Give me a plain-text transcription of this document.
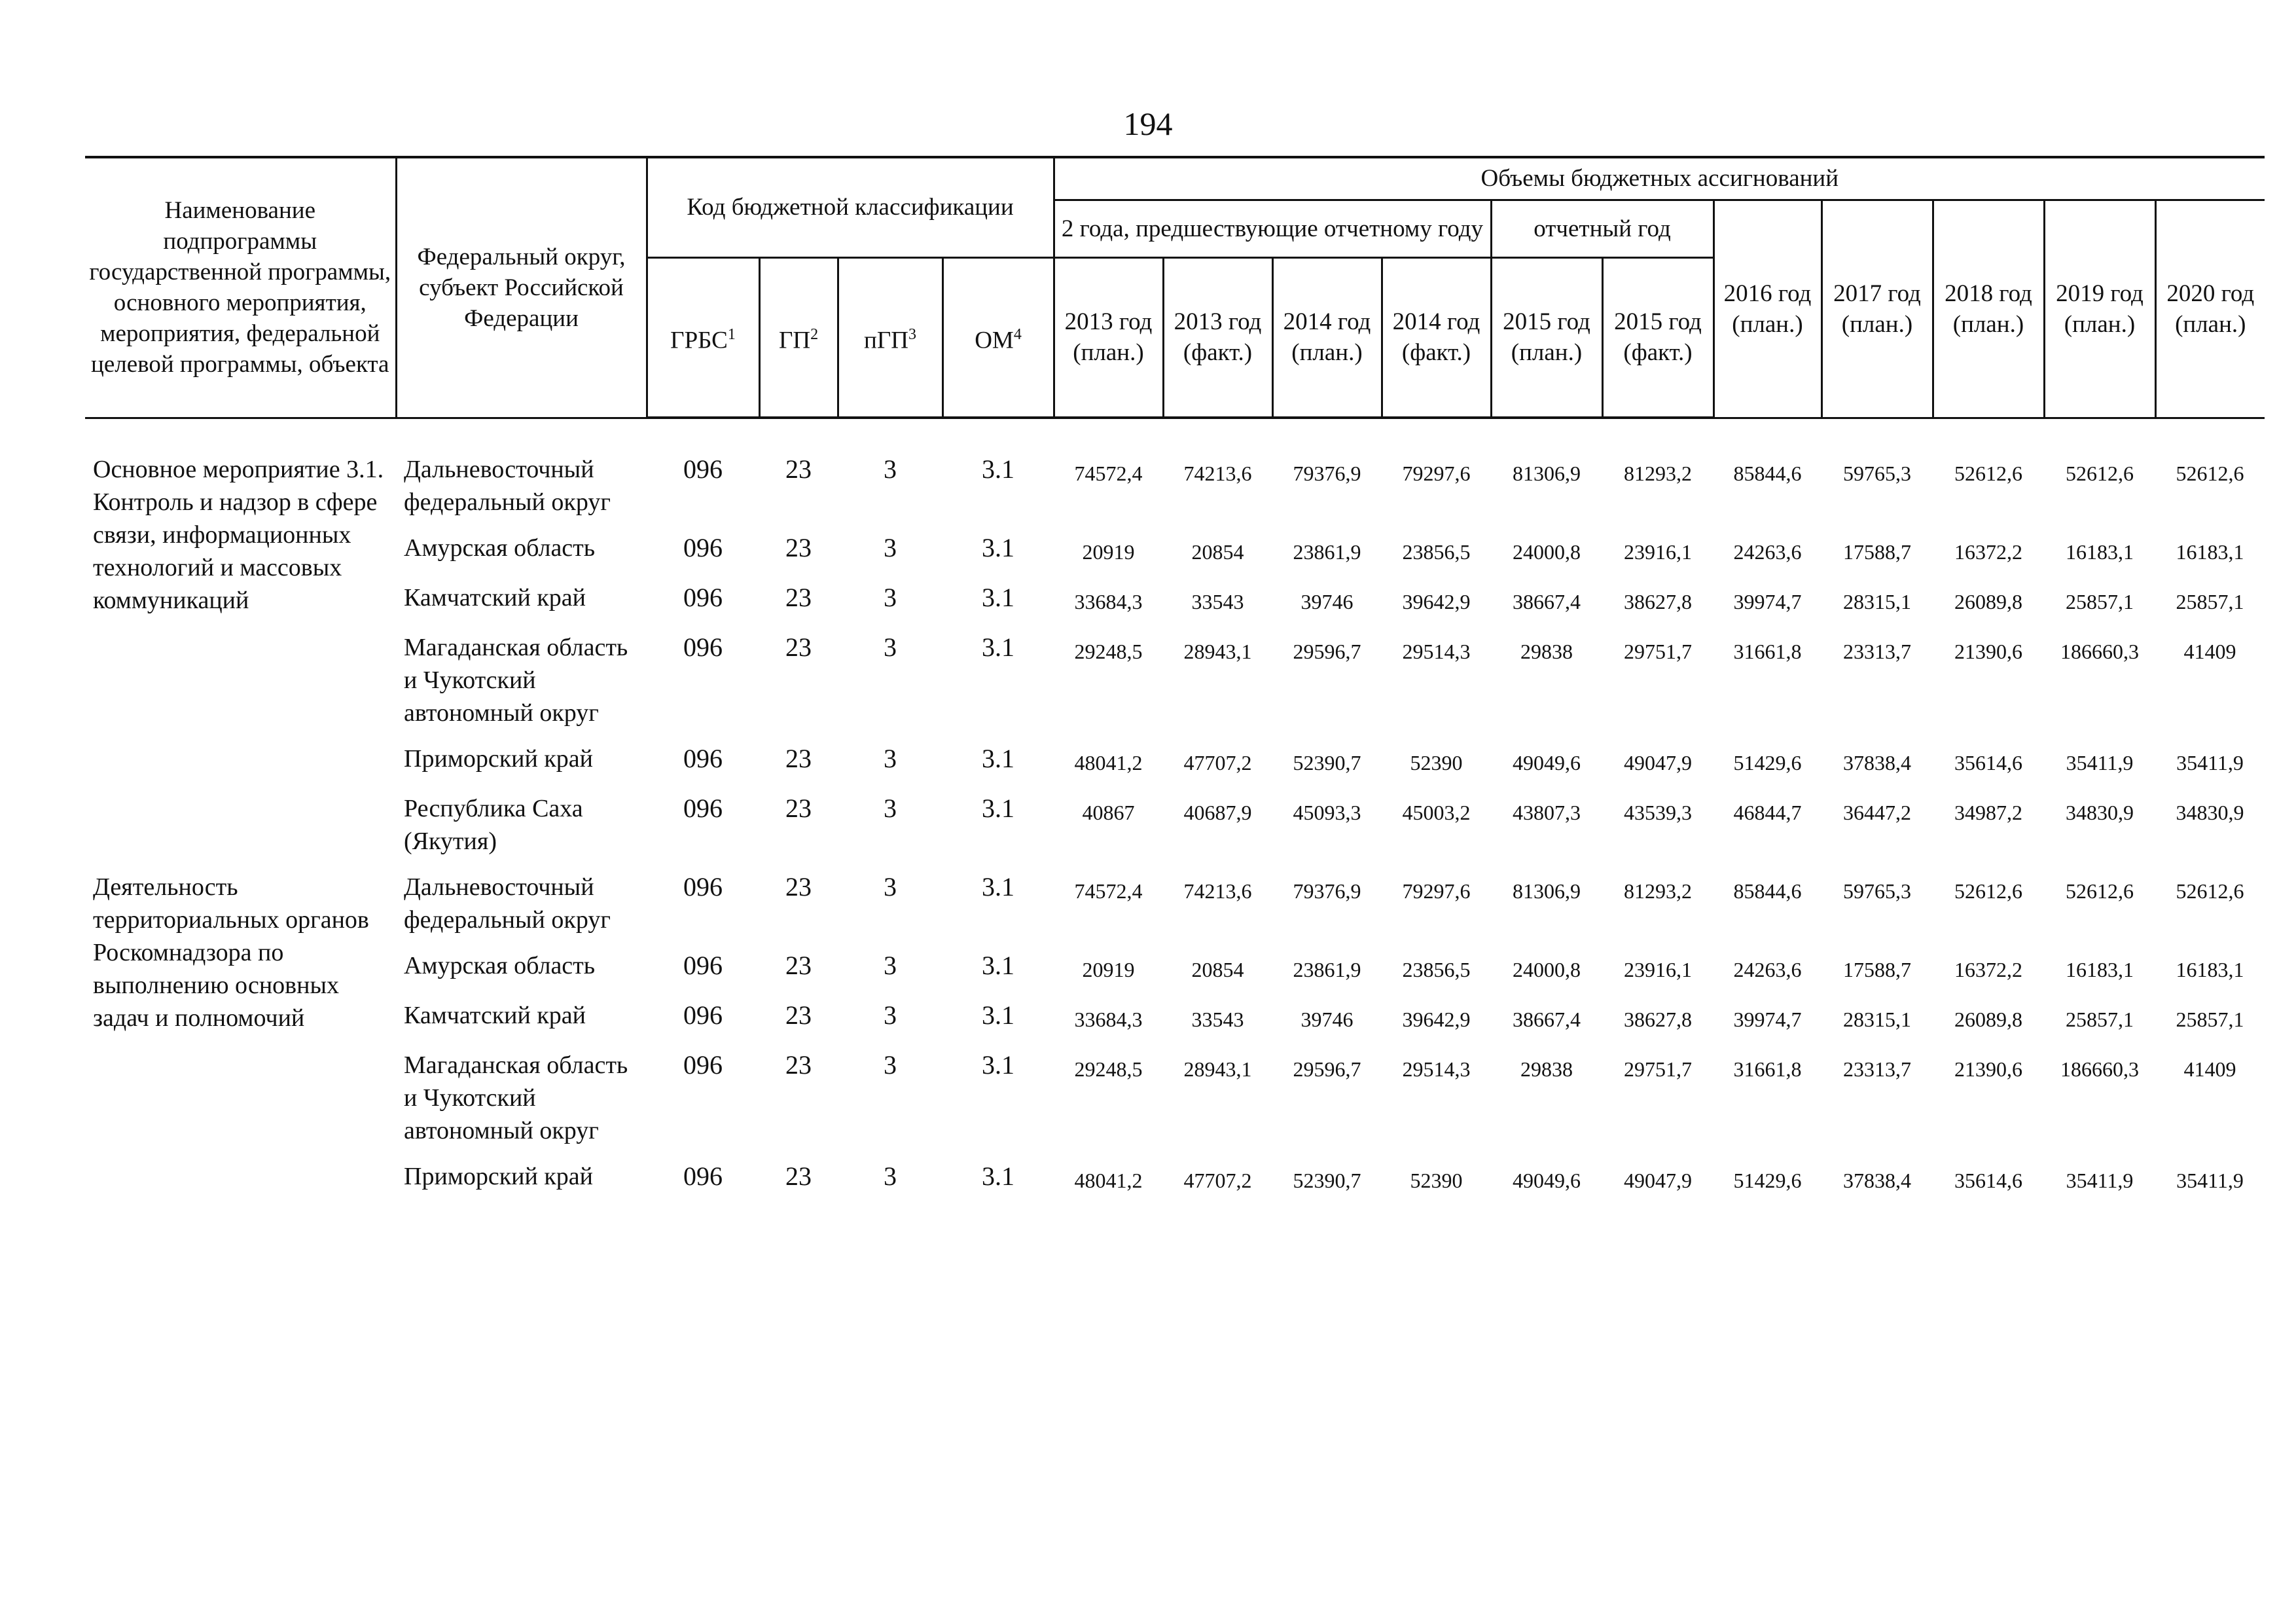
194
Наименование подпрограммы государственной программы, основного мероприятия, мероприятия, федеральной целевой программы, объекта	Федеральный округ, субъект Российской Федерации	Код бюджетной классификации				Объемы бюджетных ассигнований										
						2 года, предшествующие отчетному году				отчетный год		2016 год (план.)	2017 год (план.)	2018 год (план.)	2019 год (план.)	2020 год (план.)
		ГРБС$^1$	$ГП^2$	пГП$^3$	$ОМ^4$	2013 год (план.)	2013 год (факт.)	2014 год (план.)	2014 год (факт.)	2015 год (план.)	2015 год (факт.)					

Основное мероприятие 3.1. Контроль и надзор в сфере связи, информационных технологий и массовых коммуникаций	Дальневосточный федеральный округ	096	23	3	3.1	74572,4	74213,6	79376,9	79297,6	81306,9	81293,2	85844,6	59765,3	52612,6	52612,6	52612,6
	Амурская область	096	23	3	3.1	20919	20854	23861,9	23856,5	24000,8	23916,1	24263,6	17588,7	16372,2	16183,1	16183,1
	Камчатский край	096	23	3	3.1	33684,3	33543	39746	39642,9	38667,4	38627,8	39974,7	28315,1	26089,8	25857,1	25857,1
	Магаданская область и Чукотский автономный округ	096	23	3	3.1	29248,5	28943,1	29596,7	29514,3	29838	29751,7	31661,8	23313,7	21390,6	186660,3	41409
	Приморский край	096	23	3	3.1	48041,2	47707,2	52390,7	52390	49049,6	49047,9	51429,6	37838,4	35614,6	35411,9	35411,9
	Республика Саха (Якутия)	096	23	3	3.1	40867	40687,9	45093,3	45003,2	43807,3	43539,3	46844,7	36447,2	34987,2	34830,9	34830,9
Деятельность территориальных органов Роскомнадзора по выполнению основных задач и полномочий	Дальневосточный федеральный округ	096	23	3	3.1	74572,4	74213,6	79376,9	79297,6	81306,9	81293,2	85844,6	59765,3	52612,6	52612,6	52612,6
	Амурская область	096	23	3	3.1	20919	20854	23861,9	23856,5	24000,8	23916,1	24263,6	17588,7	16372,2	16183,1	16183,1
	Камчатский край	096	23	3	3.1	33684,3	33543	39746	39642,9	38667,4	38627,8	39974,7	28315,1	26089,8	25857,1	25857,1
	Магаданская область и Чукотский автономный округ	096	23	3	3.1	29248,5	28943,1	29596,7	29514,3	29838	29751,7	31661,8	23313,7	21390,6	186660,3	41409
	Приморский край	096	23	3	3.1	48041,2	47707,2	52390,7	52390	49049,6	49047,9	51429,6	37838,4	35614,6	35411,9	35411,9
